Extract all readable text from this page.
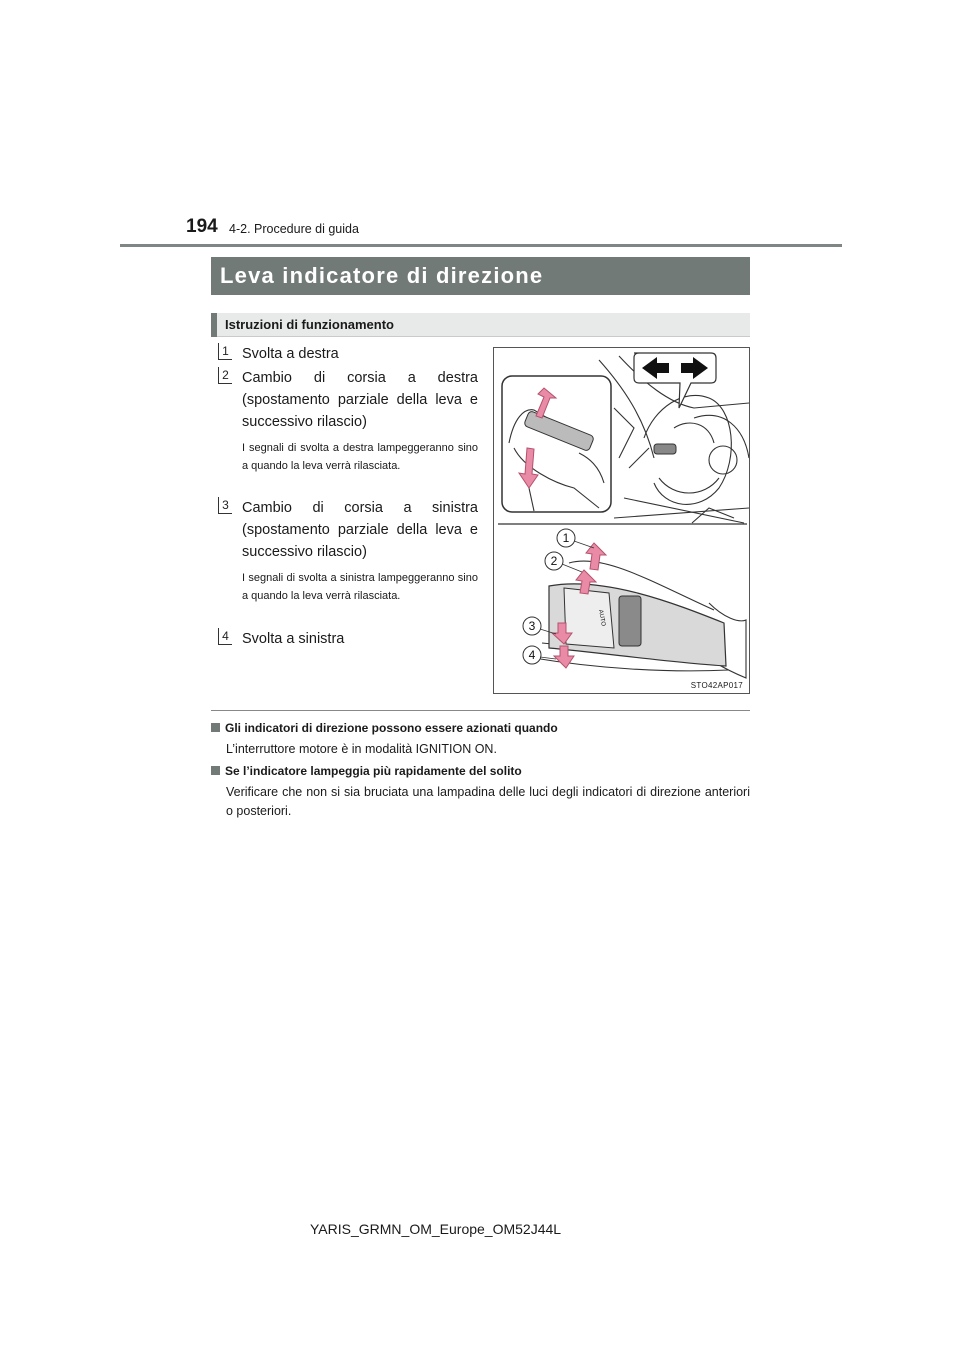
194 4-2. Procedure di guida
Leva indicatore di direzione
Istruzioni di funzionamento
1 Svolta a destra
2 Cambio di corsia a destra (spostamento parziale della leva e successivo rilascio)
I segnali di svolta a destra lampeggeranno sino a quando la leva verrà rilasciata.
3 Cambio di corsia a sinistra (spostamento parziale della leva e successivo rilascio)
I segnali di svolta a sinistra lampeggeranno sino a quando la leva verrà rilasciata.
4 Svolta a sinistra
AUTO
1
2
3
4
STO42AP017
Gli indicatori di direzione possono essere azionati quando
L’interruttore motore è in modalità IGNITION ON.
Se l’indicatore lampeggia più rapidamente del solito
Verificare che non si sia bruciata una lampadina delle luci degli indicatori di direzione anteriori o posteriori.
YARIS_GRMN_OM_Europe_OM52J44L
